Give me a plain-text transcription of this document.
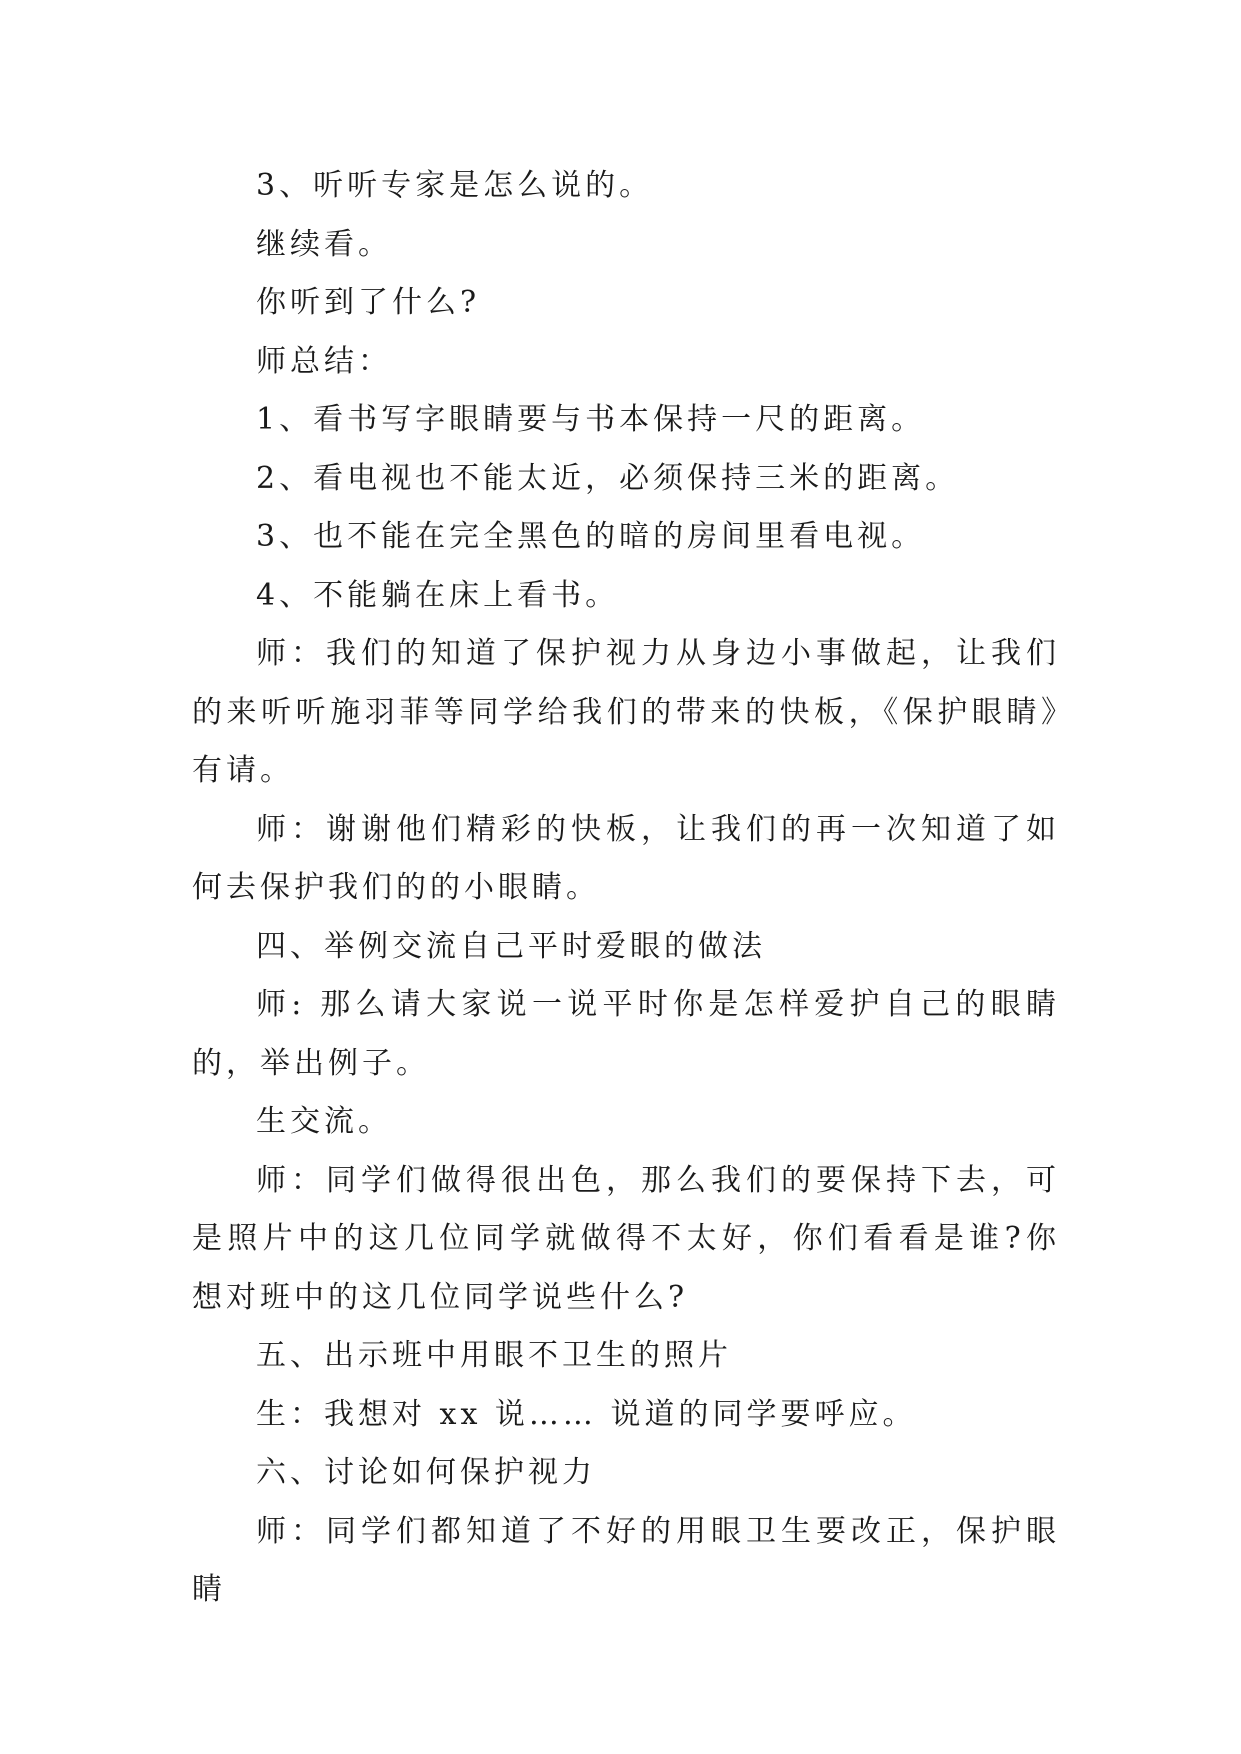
3、听听专家是怎么说的。

继续看。

你听到了什么?

师总结：

1、看书写字眼睛要与书本保持一尺的距离。

2、看电视也不能太近，必须保持三米的距离。

3、也不能在完全黑色的暗的房间里看电视。

4、不能躺在床上看书。

师：我们的知道了保护视力从身边小事做起，让我们的来听听施羽菲等同学给我们的带来的快板，《保护眼睛》有请。

师：谢谢他们精彩的快板，让我们的再一次知道了如何去保护我们的的小眼睛。

四、举例交流自己平时爱眼的做法

师: 那么请大家说一说平时你是怎样爱护自己的眼睛的，举出例子。

生交流。

师：同学们做得很出色，那么我们的要保持下去，可是照片中的这几位同学就做得不太好，你们看看是谁?你想对班中的这几位同学说些什么?

五、出示班中用眼不卫生的照片

生：我想对 xx 说…… 说道的同学要呼应。

六、讨论如何保护视力

师：同学们都知道了不好的用眼卫生要改正，保护眼睛
